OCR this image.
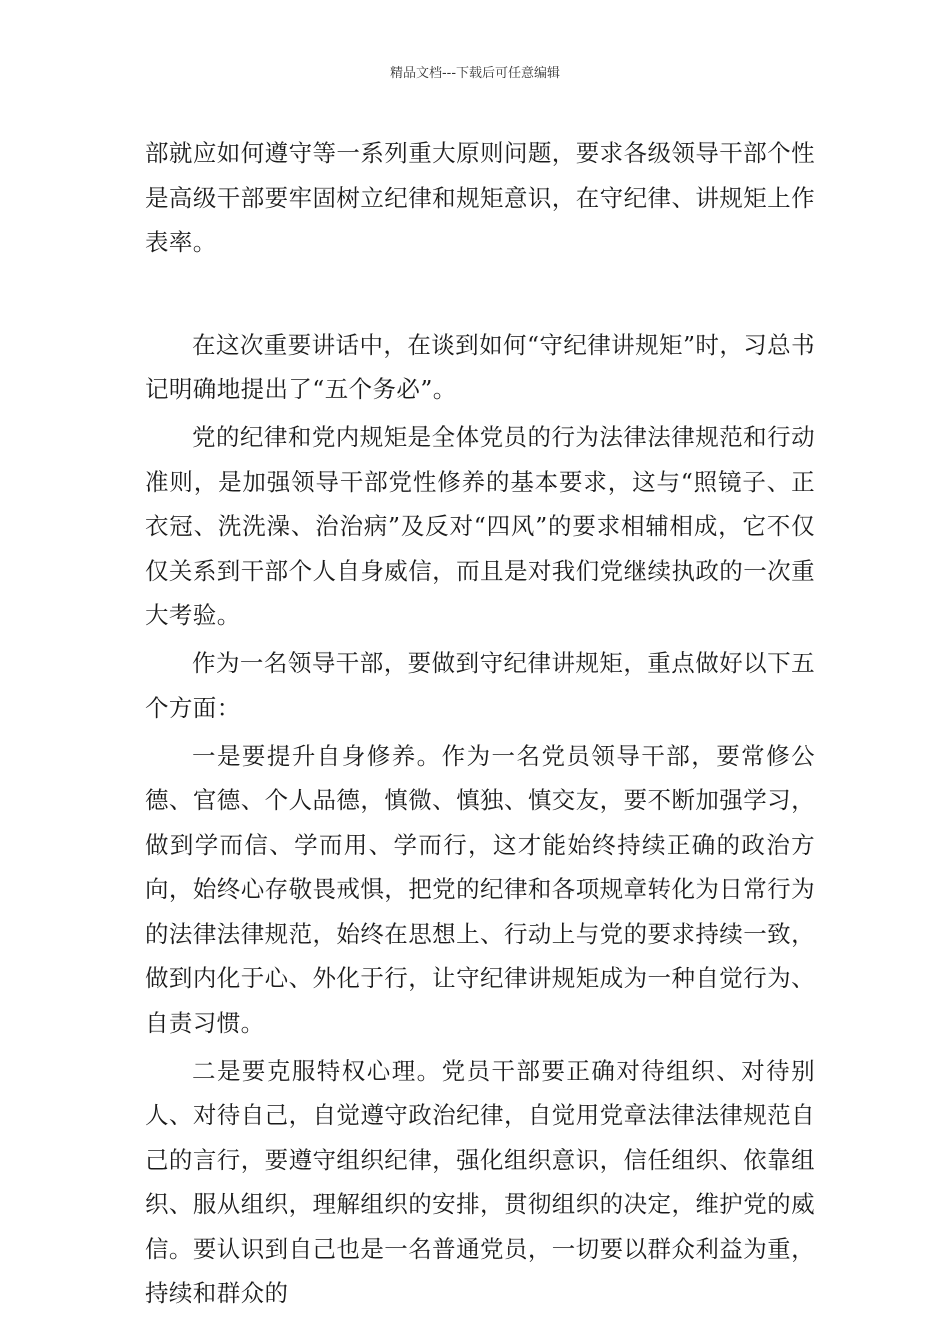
精品文档---下载后可任意编辑

部就应如何遵守等一系列重大原则问题，要求各级领导干部个性是高级干部要牢固树立纪律和规矩意识，在守纪律、讲规矩上作表率。

在这次重要讲话中，在谈到如何“守纪律讲规矩”时，习总书记明确地提出了“五个务必”。

党的纪律和党内规矩是全体党员的行为法律法律规范和行动准则，是加强领导干部党性修养的基本要求，这与“照镜子、正衣冠、洗洗澡、治治病”及反对“四风”的要求相辅相成，它不仅仅关系到干部个人自身威信，而且是对我们党继续执政的一次重大考验。

作为一名领导干部，要做到守纪律讲规矩，重点做好以下五个方面：

一是要提升自身修养。作为一名党员领导干部，要常修公德、官德、个人品德，慎微、慎独、慎交友，要不断加强学习，做到学而信、学而用、学而行，这才能始终持续正确的政治方向，始终心存敬畏戒惧，把党的纪律和各项规章转化为日常行为的法律法律规范，始终在思想上、行动上与党的要求持续一致，做到内化于心、外化于行，让守纪律讲规矩成为一种自觉行为、自责习惯。

二是要克服特权心理。党员干部要正确对待组织、对待别人、对待自己，自觉遵守政治纪律，自觉用党章法律法律规范自己的言行，要遵守组织纪律，强化组织意识，信任组织、依靠组织、服从组织，理解组织的安排，贯彻组织的决定，维护党的威信。要认识到自己也是一名普通党员，一切要以群众利益为重，持续和群众的
